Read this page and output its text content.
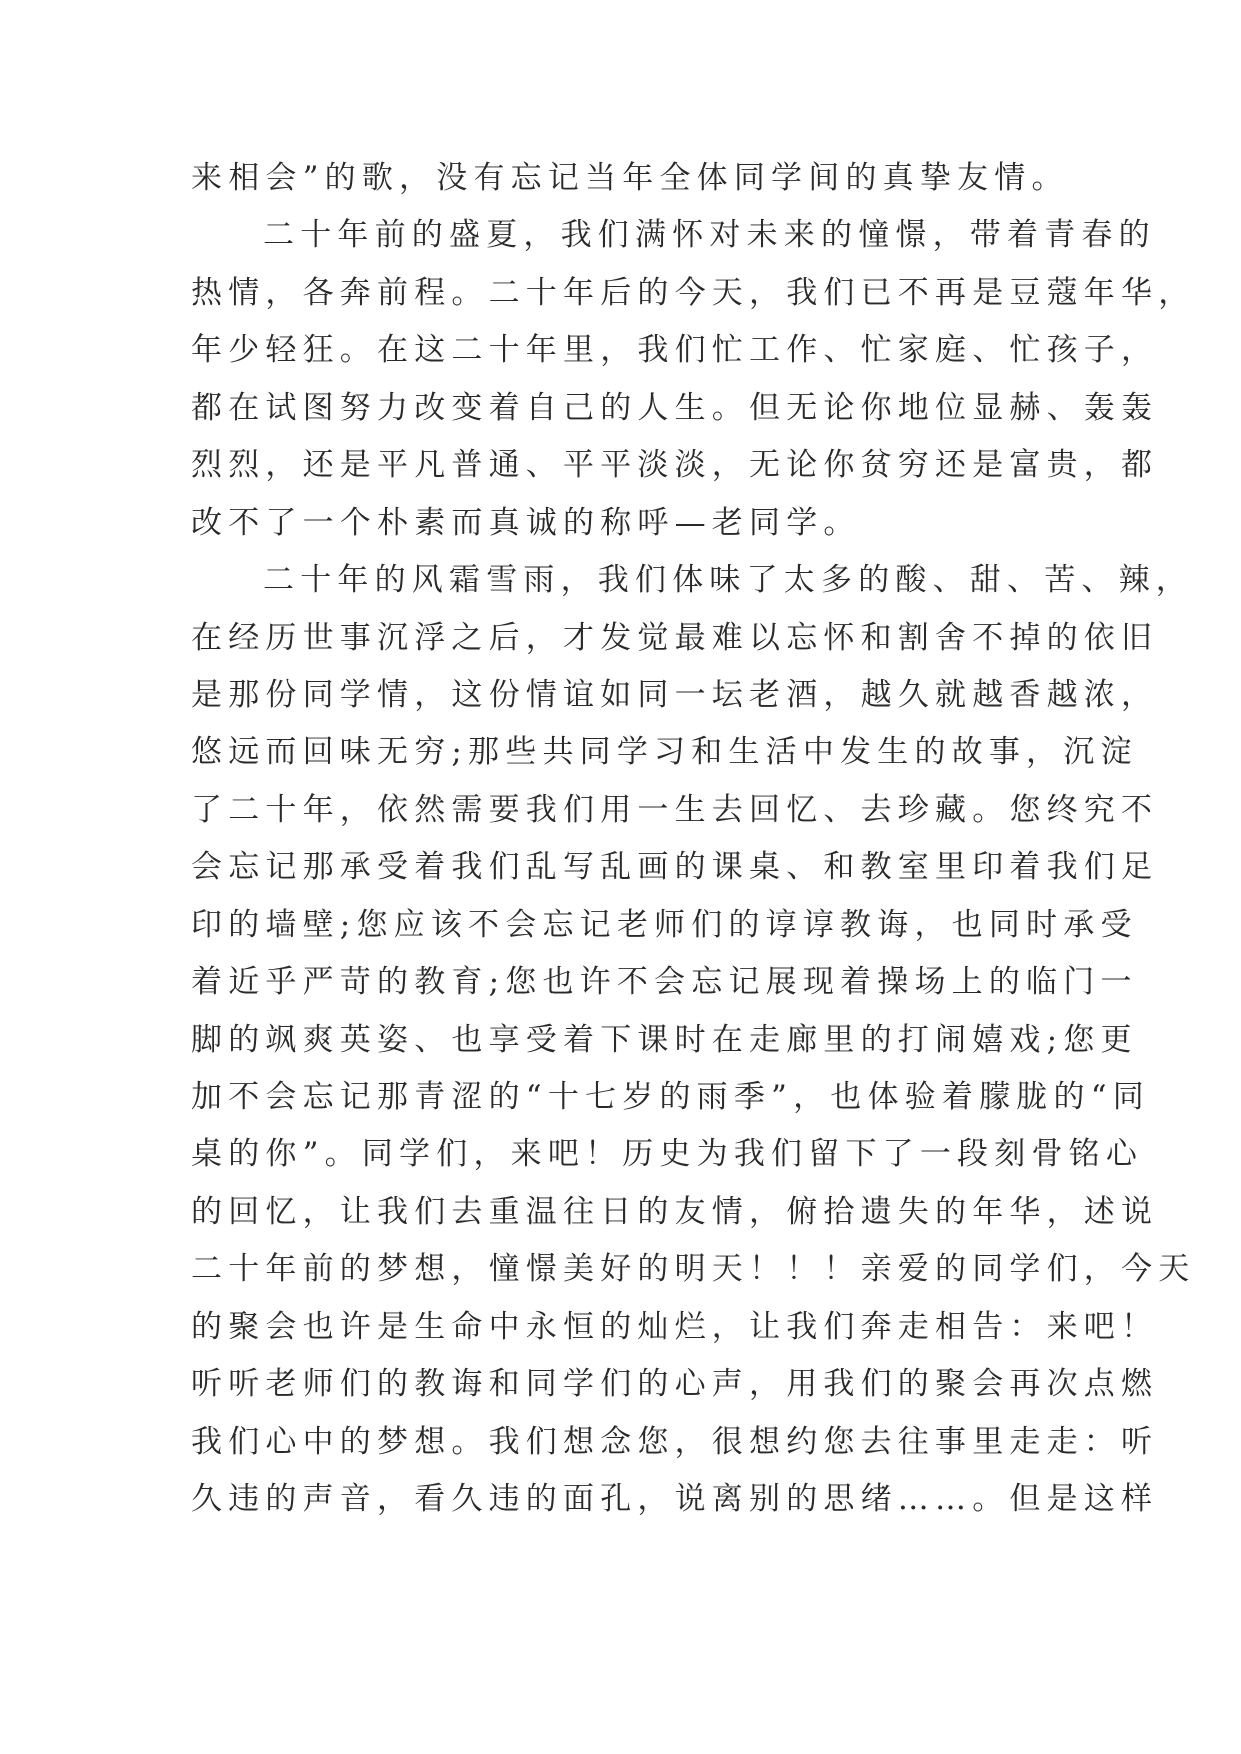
来相会”的歌，没有忘记当年全体同学间的真挚友情。
二十年前的盛夏，我们满怀对未来的憧憬，带着青春的
热情，各奔前程。二十年后的今天，我们已不再是豆蔻年华，
年少轻狂。在这二十年里，我们忙工作、忙家庭、忙孩子，
都在试图努力改变着自己的人生。但无论你地位显赫、轰轰
烈烈，还是平凡普通、平平淡淡，无论你贫穷还是富贵，都
改不了一个朴素而真诚的称呼—老同学。
二十年的风霜雪雨，我们体味了太多的酸、甜、苦、辣，
在经历世事沉浮之后，才发觉最难以忘怀和割舍不掉的依旧
是那份同学情，这份情谊如同一坛老酒，越久就越香越浓，
悠远而回味无穷;那些共同学习和生活中发生的故事，沉淀
了二十年，依然需要我们用一生去回忆、去珍藏。您终究不
会忘记那承受着我们乱写乱画的课桌、和教室里印着我们足
印的墙壁;您应该不会忘记老师们的谆谆教诲，也同时承受
着近乎严苛的教育;您也许不会忘记展现着操场上的临门一
脚的飒爽英姿、也享受着下课时在走廊里的打闹嬉戏;您更
加不会忘记那青涩的“十七岁的雨季”，也体验着朦胧的“同
桌的你”。同学们，来吧！历史为我们留下了一段刻骨铭心
的回忆，让我们去重温往日的友情，俯拾遗失的年华，述说
二十年前的梦想，憧憬美好的明天！！！亲爱的同学们，今天
的聚会也许是生命中永恒的灿烂，让我们奔走相告：来吧！
听听老师们的教诲和同学们的心声，用我们的聚会再次点燃
我们心中的梦想。我们想念您，很想约您去往事里走走：听
久违的声音，看久违的面孔，说离别的思绪……。但是这样
